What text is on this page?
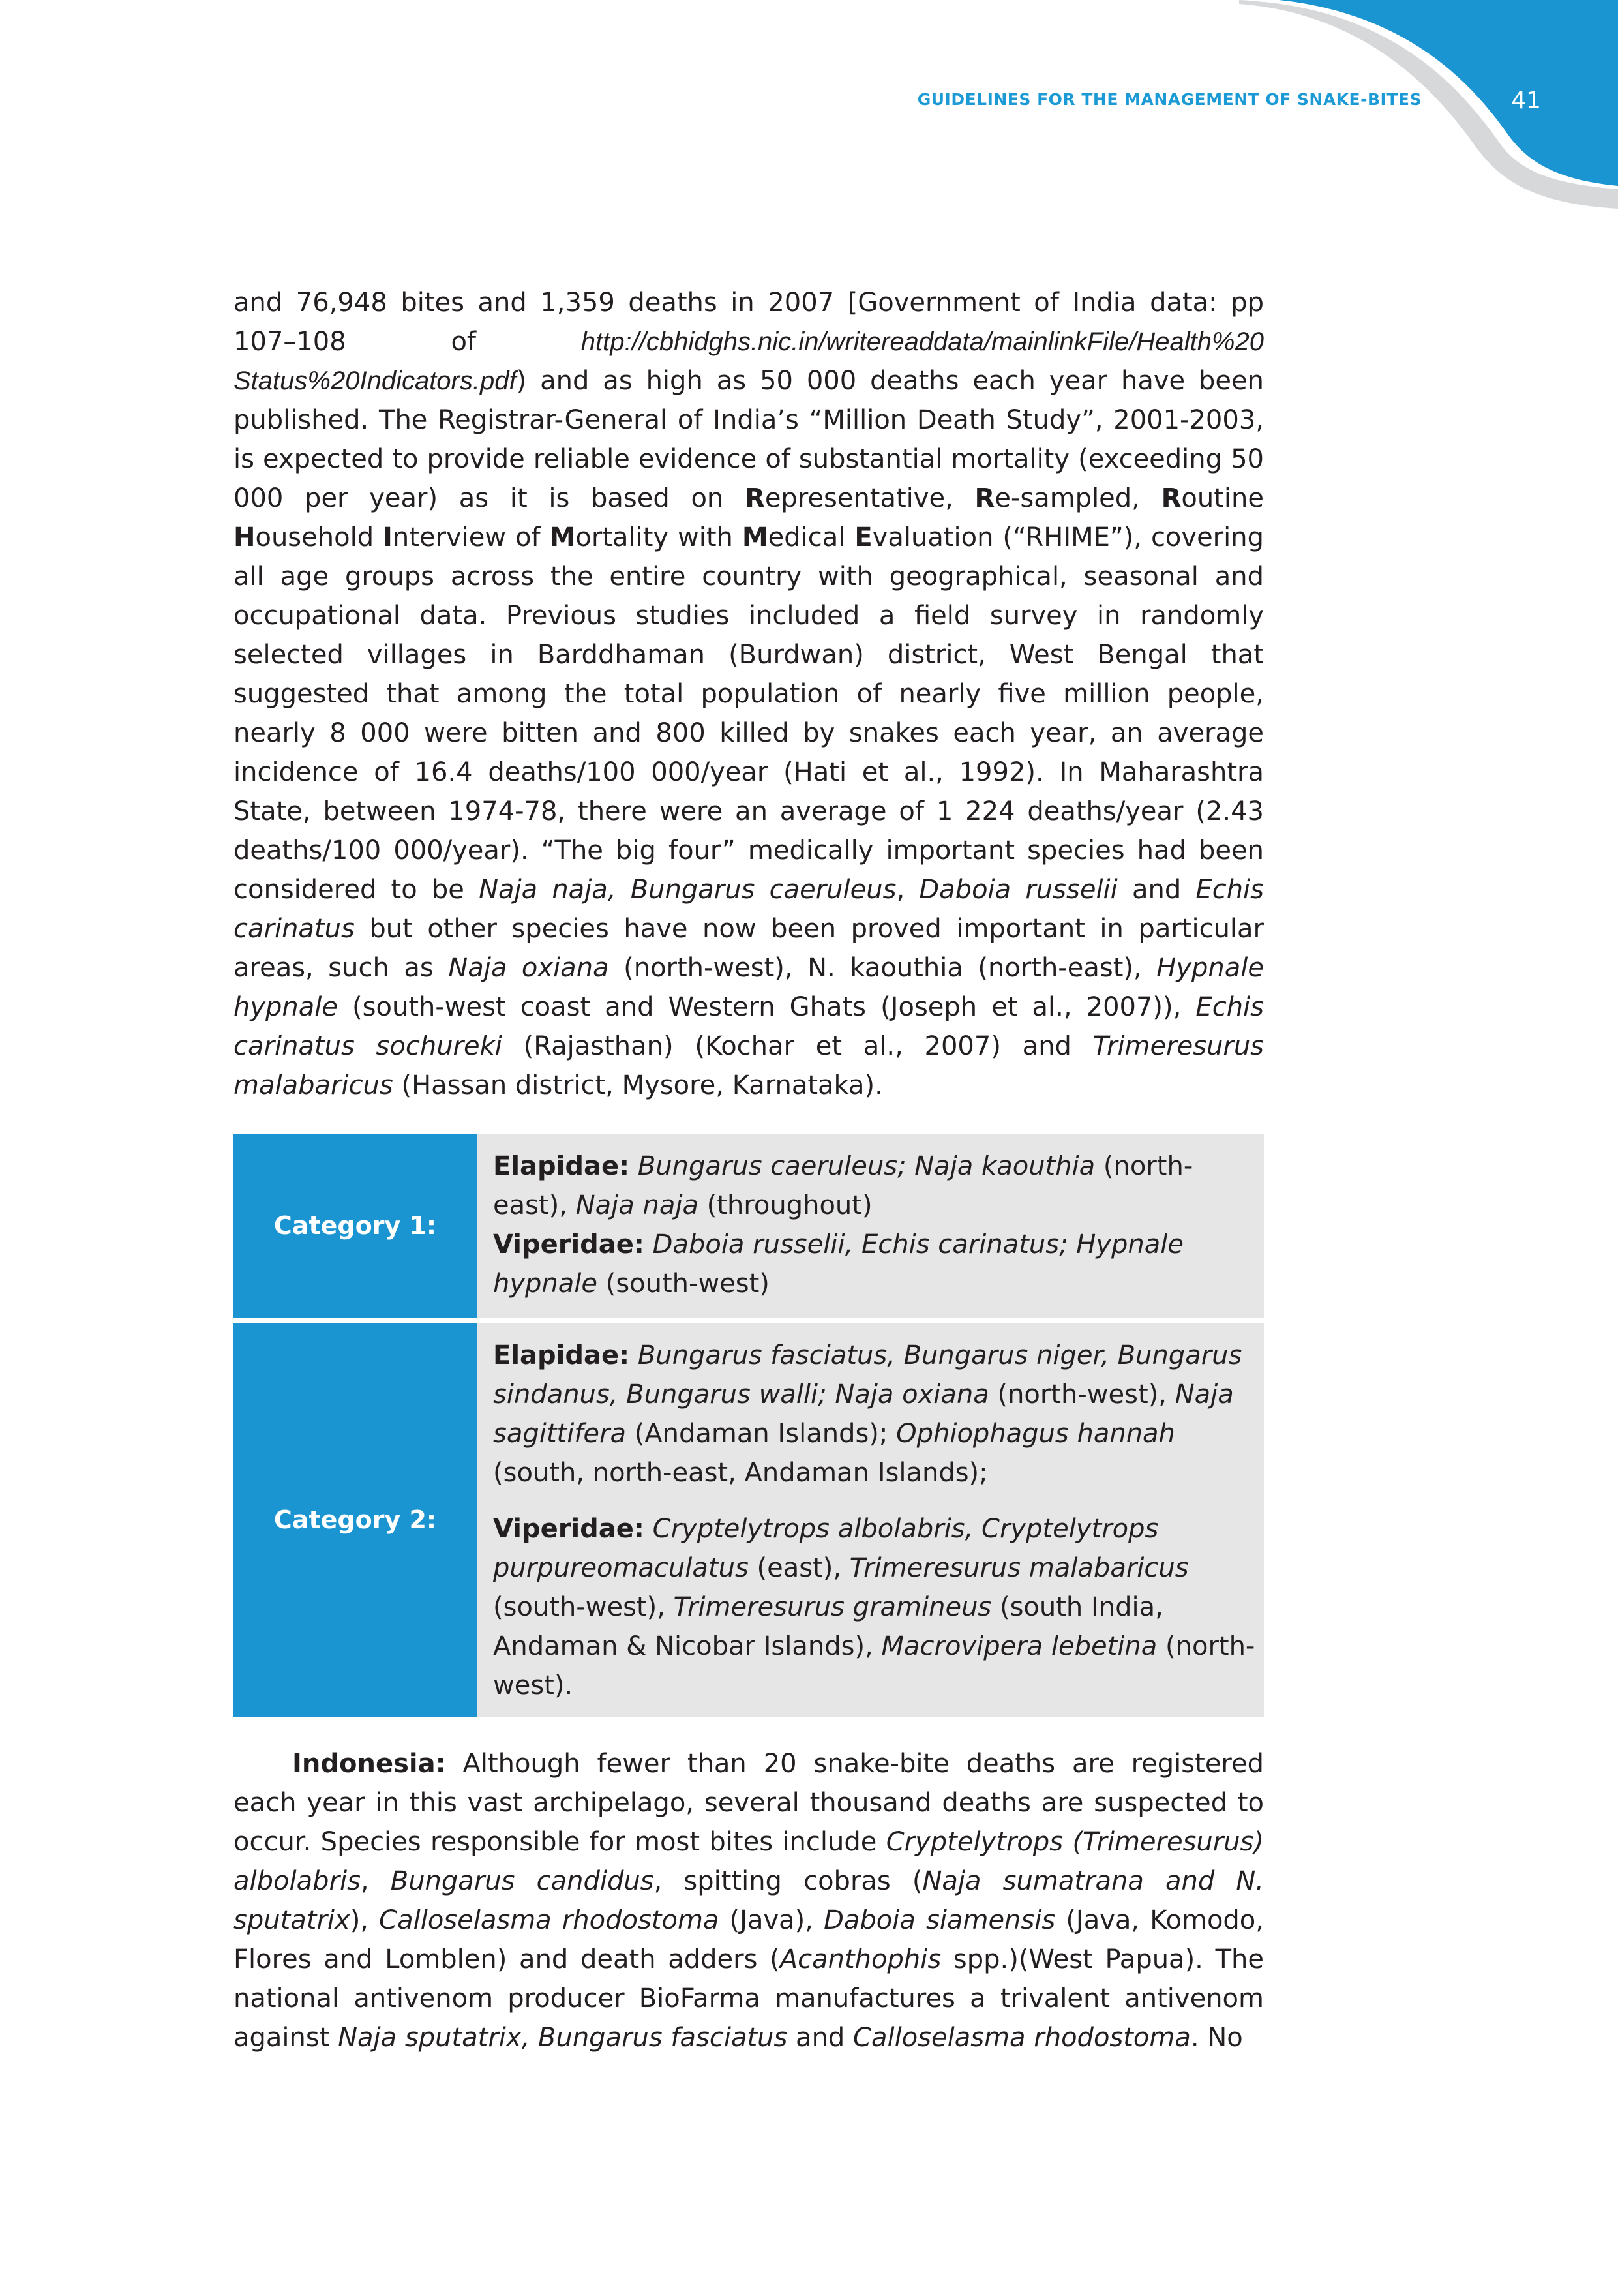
GUIDELINES FOR THE MANAGEMENT OF SNAKE-BITES	41

and 76,948 bites and 1,359 deaths in 2007 [Government of India data: pp 107–108 of http://cbhidghs.nic.in/writereaddata/mainlinkFile/Health%20 Status%20Indicators.pdf) and as high as 50 000 deaths each year have been published. The Registrar-General of India’s “Million Death Study”, 2001-2003, is expected to provide reliable evidence of substantial mortality (exceeding 50 000 per year) as it is based on Representative, Re-sampled, Routine Household Interview of Mortality with Medical Evaluation (“RHIME”), covering all age groups across the entire country with geographical, seasonal and occupational data. Previous studies included a field survey in randomly selected villages in Barddhaman (Burdwan) district, West Bengal that suggested that among the total population of nearly five million people, nearly 8 000 were bitten and 800 killed by snakes each year, an average incidence of 16.4 deaths/100 000/year (Hati et al., 1992). In Maharashtra State, between 1974-78, there were an average of 1 224 deaths/year (2.43 deaths/100 000/year). “The big four” medically important species had been considered to be Naja naja, Bungarus caeruleus, Daboia russelii and Echis carinatus but other species have now been proved important in particular areas, such as Naja oxiana (north-west), N. kaouthia (north-east), Hypnale hypnale (south-west coast and Western Ghats (Joseph et al., 2007)), Echis carinatus sochureki (Rajasthan) (Kochar et al., 2007) and Trimeresurus malabaricus (Hassan district, Mysore, Karnataka).

Category 1:

Elapidae: Bungarus caeruleus; Naja kaouthia (north-east), Naja naja (throughout)

Viperidae: Daboia russelii, Echis carinatus; Hypnale hypnale (south-west)

Category 2:

Elapidae: Bungarus fasciatus, Bungarus niger, Bungarus sindanus, Bungarus walli; Naja oxiana (north-west), Naja sagittifera (Andaman Islands); Ophiophagus hannah (south, north-east, Andaman Islands);

Viperidae: Cryptelytrops albolabris, Cryptelytrops purpureomaculatus (east), Trimeresurus malabaricus (south-west), Trimeresurus gramineus (south India, Andaman & Nicobar Islands), Macrovipera lebetina (north-west).

Indonesia: Although fewer than 20 snake-bite deaths are registered each year in this vast archipelago, several thousand deaths are suspected to occur. Species responsible for most bites include Cryptelytrops (Trimeresurus) albolabris, Bungarus candidus, spitting cobras (Naja sumatrana and N. sputatrix), Calloselasma rhodostoma (Java), Daboia siamensis (Java, Komodo, Flores and Lomblen) and death adders (Acanthophis spp.)(West Papua). The national antivenom producer BioFarma manufactures a trivalent antivenom against Naja sputatrix, Bungarus fasciatus and Calloselasma rhodostoma. No
